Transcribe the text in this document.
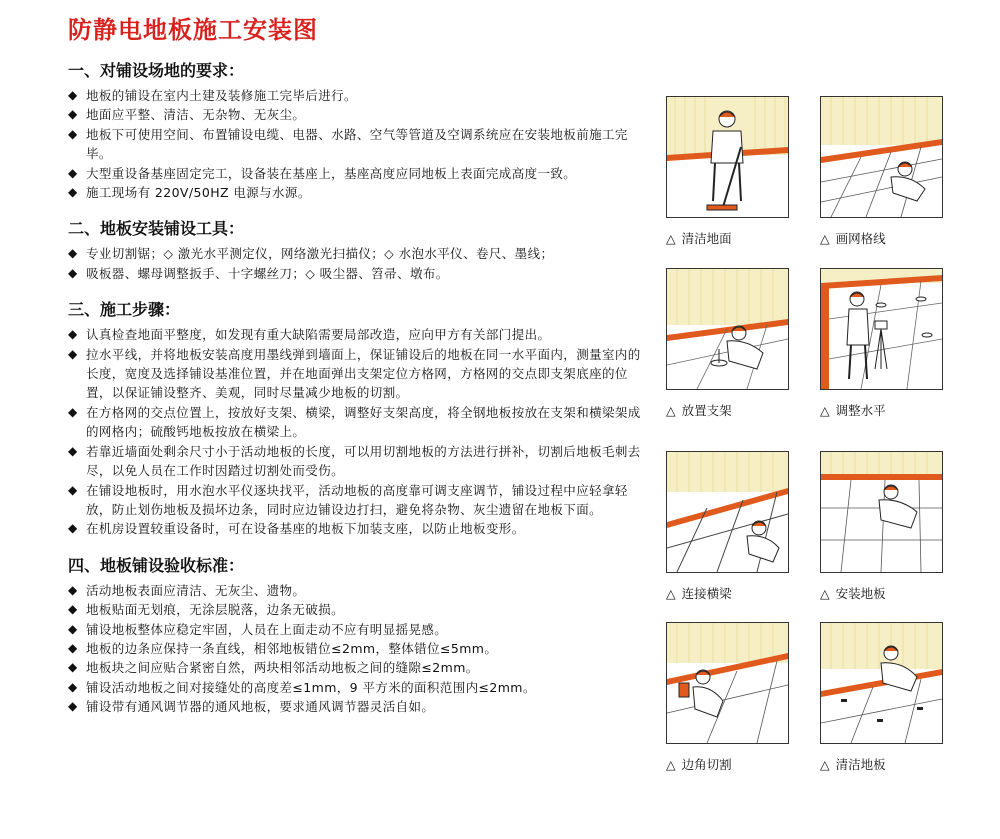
防静电地板施工安装图
一、对铺设场地的要求：
◆ 地板的铺设在室内土建及装修施工完毕后进行。
◆ 地面应平整、清洁、无杂物、无灰尘。
◆ 地板下可使用空间、布置铺设电缆、电器、水路、空气等管道及空调系统应在安装地板前施工完毕。
◆ 大型重设备基座固定完工，设备装在基座上，基座高度应同地板上表面完成高度一致。
◆ 施工现场有 220V/50HZ 电源与水源。
二、地板安装铺设工具：
◆ 专业切割锯；◇ 激光水平测定仪，网络激光扫描仪；◇ 水泡水平仪、卷尺、墨线；
◆ 吸板器、螺母调整扳手、十字螺丝刀；◇ 吸尘器、笤帚、墩布。
三、施工步骤：
◆ 认真检查地面平整度，如发现有重大缺陷需要局部改造，应向甲方有关部门提出。
◆ 拉水平线，并将地板安装高度用墨线弹到墙面上，保证铺设后的地板在同一水平面内，测量室内的长度，宽度及选择铺设基准位置，并在地面弹出支架定位方格网，方格网的交点即支架底座的位置，以保证铺设整齐、美观，同时尽量减少地板的切割。
◆ 在方格网的交点位置上，按放好支架、横梁，调整好支架高度，将全钢地板按放在支架和横梁架成的网格内；硫酸钙地板按放在横梁上。
◆ 若靠近墙面处剩余尺寸小于活动地板的长度，可以用切割地板的方法进行拼补，切割后地板毛刺去尽，以免人员在工作时因踏过切割处而受伤。
◆ 在铺设地板时，用水泡水平仪逐块找平，活动地板的高度靠可调支座调节，铺设过程中应轻拿轻放，防止划伤地板及损坏边条，同时应边铺设边打扫，避免将杂物、灰尘遗留在地板下面。
◆ 在机房设置较重设备时，可在设备基座的地板下加装支座，以防止地板变形。
四、地板铺设验收标准：
◆ 活动地板表面应清洁、无灰尘、遗物。
◆ 地板贴面无划痕，无涂层脱落，边条无破损。
◆ 铺设地板整体应稳定牢固，人员在上面走动不应有明显摇晃感。
◆ 地板的边条应保持一条直线，相邻地板错位≤2mm，整体错位≤5mm。
◆ 地板块之间应贴合紧密自然，两块相邻活动地板之间的缝隙≤2mm。
◆ 铺设活动地板之间对接缝处的高度差≤1mm，9 平方米的面积范围内≤2mm。
◆ 铺设带有通风调节器的通风地板，要求通风调节器灵活自如。
△ 清洁地面	△ 画网格线
△ 放置支架	△ 调整水平
△ 连接横梁	△ 安装地板
△ 边角切割	△ 清洁地板
